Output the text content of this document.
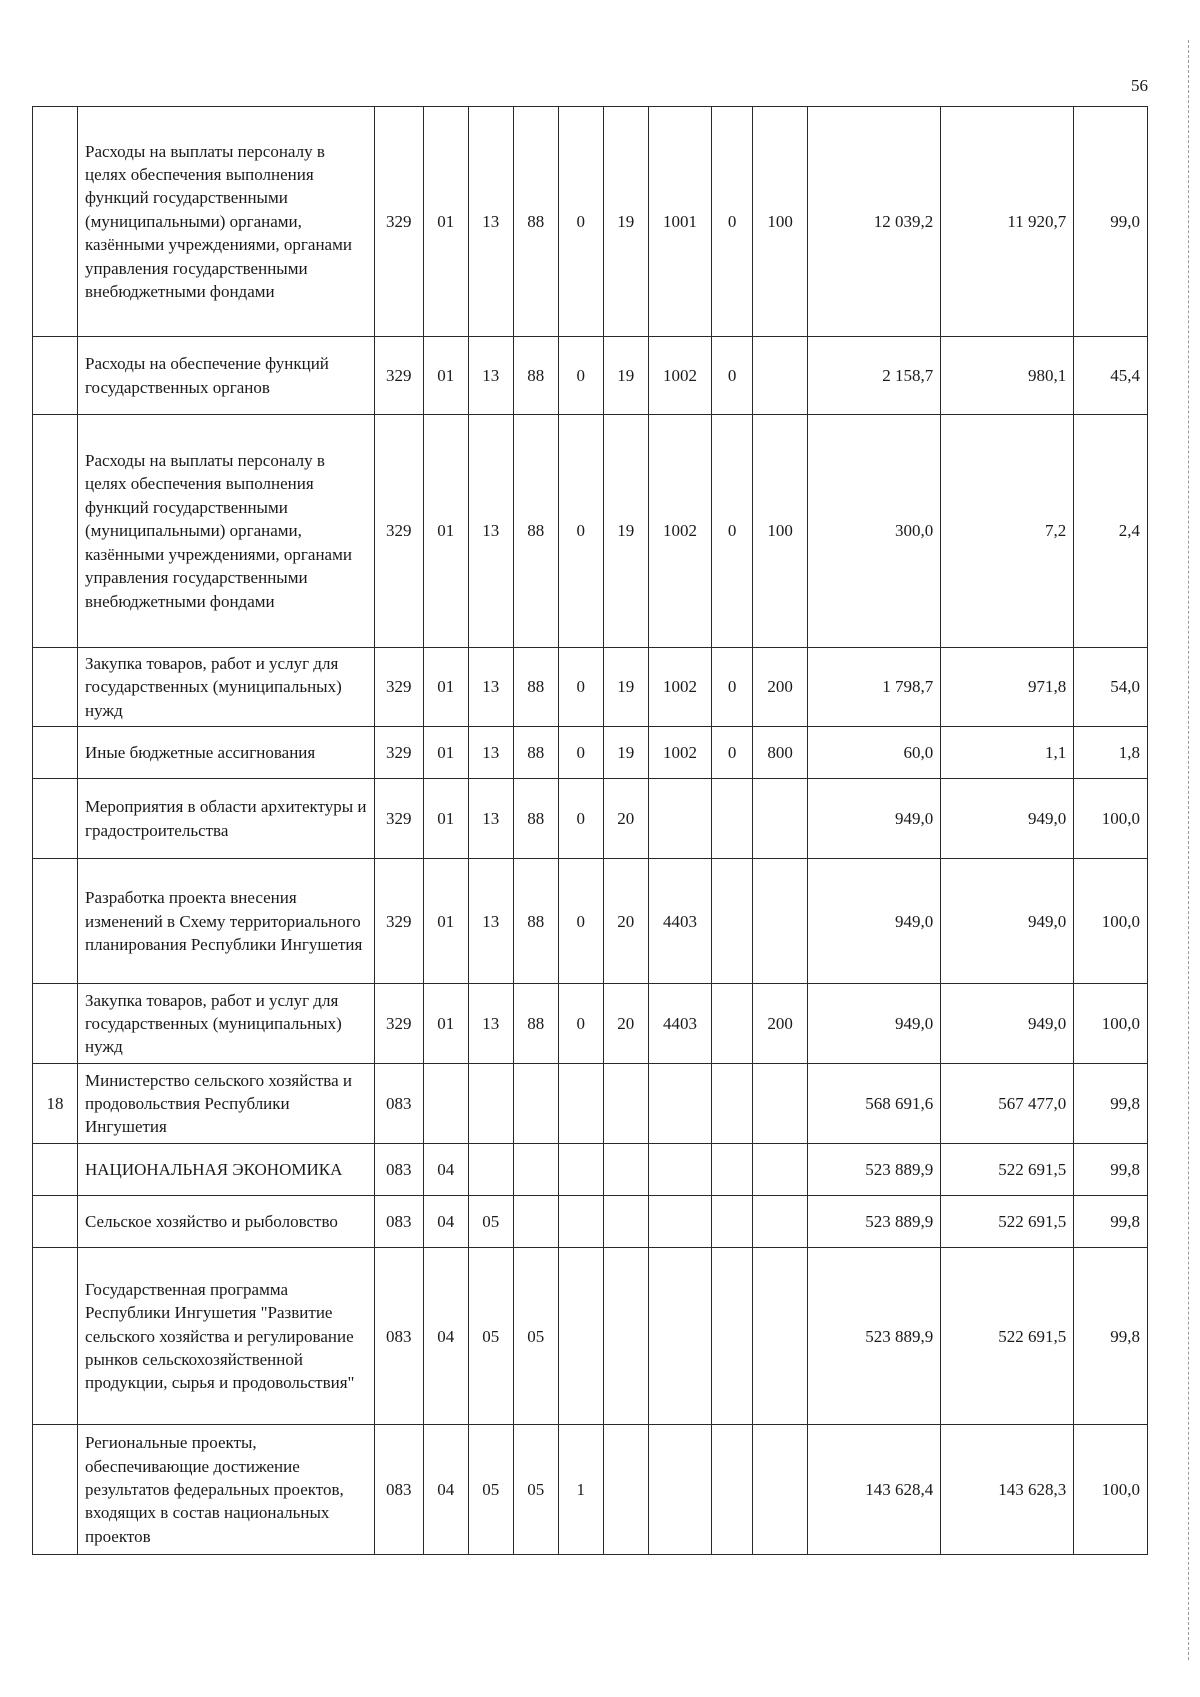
56
	Расходы на выплаты персоналу в целях обеспечения выполнения функций государственными (муниципальными) органами, казёнными учреждениями, органами управления государственными внебюджетными фондами	329	01	13	88	0	19	1001	0	100	12 039,2	11 920,7	99,0
	Расходы на обеспечение функций государственных органов	329	01	13	88	0	19	1002	0		2 158,7	980,1	45,4
	Расходы на выплаты персоналу в целях обеспечения выполнения функций государственными (муниципальными) органами, казёнными учреждениями, органами управления государственными внебюджетными фондами	329	01	13	88	0	19	1002	0	100	300,0	7,2	2,4
	Закупка товаров, работ и услуг для государственных (муниципальных) нужд	329	01	13	88	0	19	1002	0	200	1 798,7	971,8	54,0
	Иные бюджетные ассигнования	329	01	13	88	0	19	1002	0	800	60,0	1,1	1,8
	Мероприятия в области архитектуры и градостроительства	329	01	13	88	0	20				949,0	949,0	100,0
	Разработка проекта внесения изменений в Схему территориального планирования Республики Ингушетия	329	01	13	88	0	20	4403			949,0	949,0	100,0
	Закупка товаров, работ и услуг для государственных (муниципальных) нужд	329	01	13	88	0	20	4403		200	949,0	949,0	100,0
18	Министерство сельского хозяйства и продовольствия Республики Ингушетия	083									568 691,6	567 477,0	99,8
	НАЦИОНАЛЬНАЯ ЭКОНОМИКА	083	04								523 889,9	522 691,5	99,8
	Сельское хозяйство и рыболовство	083	04	05							523 889,9	522 691,5	99,8
	Государственная программа Республики Ингушетия "Развитие сельского хозяйства и регулирование рынков сельскохозяйственной продукции, сырья и продовольствия"	083	04	05	05						523 889,9	522 691,5	99,8
	Региональные проекты, обеспечивающие достижение результатов федеральных проектов, входящих в состав национальных проектов	083	04	05	05	1					143 628,4	143 628,3	100,0
